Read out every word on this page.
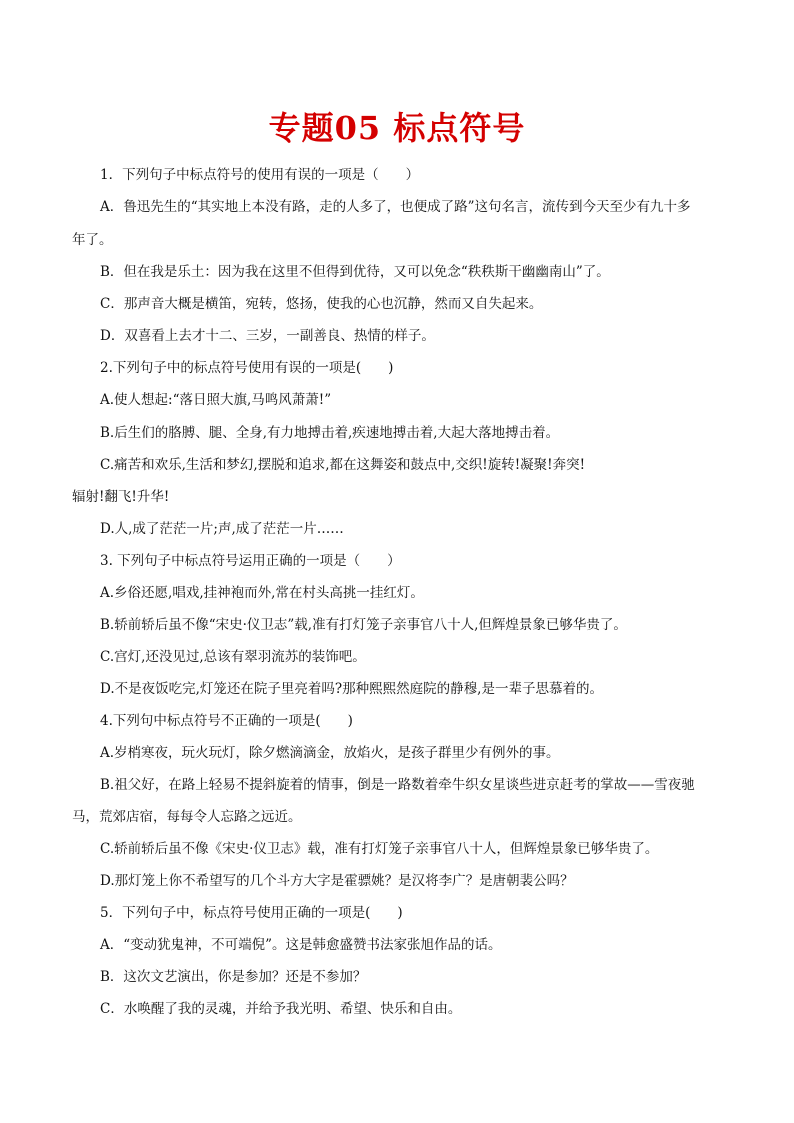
专题05 标点符号
1．下列句子中标点符号的使用有误的一项是（　　）
A．鲁迅先生的“其实地上本没有路，走的人多了，也便成了路”这句名言，流传到今天至少有九十多
年了。
B．但在我是乐土：因为我在这里不但得到优待，又可以免念“秩秩斯干幽幽南山”了。
C．那声音大概是横笛，宛转，悠扬，使我的心也沉静，然而又自失起来。
D．双喜看上去才十二、三岁，一副善良、热情的样子。
2.下列句子中的标点符号使用有误的一项是(　　)
A.使人想起:“落日照大旗,马鸣风萧萧!”
B.后生们的胳膊、腿、全身,有力地搏击着,疾速地搏击着,大起大落地搏击着。
C.痛苦和欢乐,生活和梦幻,摆脱和追求,都在这舞姿和鼓点中,交织!旋转!凝聚!奔突!
辐射!翻飞!升华!
D.人,成了茫茫一片;声,成了茫茫一片……
3. 下列句子中标点符号运用正确的一项是（　　）
A.乡俗还愿,唱戏,挂神袍而外,常在村头高挑一挂红灯。
B.轿前轿后虽不像“宋史·仪卫志”载,准有打灯笼子亲事官八十人,但辉煌景象已够华贵了。
C.宫灯,还没见过,总该有翠羽流苏的装饰吧。
D.不是夜饭吃完,灯笼还在院子里亮着吗?那种熙熙然庭院的静穆,是一辈子思慕着的。
4.下列句中标点符号不正确的一项是(　　)
A.岁梢寒夜，玩火玩灯，除夕燃滴滴金，放焰火，是孩子群里少有例外的事。
B.祖父好，在路上轻易不提斜旋着的情事，倒是一路数着牵牛织女星谈些进京赶考的掌故——雪夜驰
马，荒郊店宿，每每令人忘路之远近。
C.轿前轿后虽不像《宋史·仪卫志》载，准有打灯笼子亲事官八十人，但辉煌景象已够华贵了。
D.那灯笼上你不希望写的几个斗方大字是霍骠姚？是汉将李广？是唐朝裴公吗？
5．下列句子中，标点符号使用正确的一项是(　　)
A．“变动犹鬼神，不可端倪”。这是韩愈盛赞书法家张旭作品的话。
B．这次文艺演出，你是参加？还是不参加？
C．水唤醒了我的灵魂，并给予我光明、希望、快乐和自由。
